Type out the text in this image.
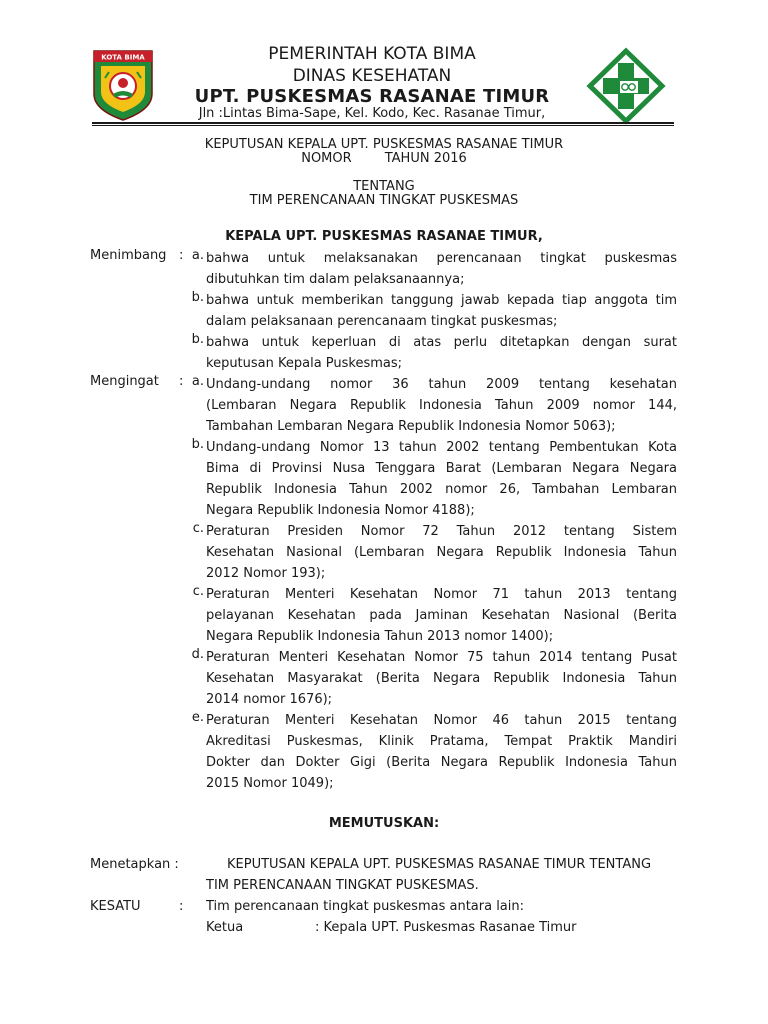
KOTA BIMA	PEMERINTAH KOTA BIMA
DINAS KESEHATAN
UPT. PUSKESMAS RASANAE TIMUR
Jln :Lintas Bima-Sape, Kel. Kodo, Kec. Rasanae Timur,
KEPUTUSAN KEPALA UPT. PUSKESMAS RASANAE TIMUR
NOMOR        TAHUN 2016
TENTANG
TIM PERENCANAAN TINGKAT PUSKESMAS
KEPALA UPT. PUSKESMAS RASANAE TIMUR,
Menimbang : a. bahwa untuk melaksanakan perencanaan tingkat puskesmas
dibutuhkan tim dalam pelaksanaannya;
b. bahwa untuk memberikan tanggung jawab kepada tiap anggota tim
dalam pelaksanaan perencanaam tingkat puskesmas;
b. bahwa untuk keperluan di atas perlu ditetapkan dengan surat
keputusan Kepala Puskesmas;
Mengingat : a. Undang-undang nomor 36 tahun 2009 tentang kesehatan
(Lembaran Negara Republik Indonesia Tahun 2009 nomor 144,
Tambahan Lembaran Negara Republik Indonesia Nomor 5063);
b. Undang-undang Nomor 13 tahun 2002 tentang Pembentukan Kota
Bima di Provinsi Nusa Tenggara Barat (Lembaran Negara Negara
Republik Indonesia Tahun 2002 nomor 26, Tambahan Lembaran
Negara Republik Indonesia Nomor 4188);
c. Peraturan Presiden Nomor 72 Tahun 2012 tentang Sistem
Kesehatan Nasional (Lembaran Negara Republik Indonesia Tahun
2012 Nomor 193);
c. Peraturan Menteri Kesehatan Nomor 71 tahun 2013 tentang
pelayanan Kesehatan pada Jaminan Kesehatan Nasional (Berita
Negara Republik Indonesia Tahun 2013 nomor 1400);
d. Peraturan Menteri Kesehatan Nomor 75 tahun 2014 tentang Pusat
Kesehatan Masyarakat (Berita Negara Republik Indonesia Tahun
2014 nomor 1676);
e. Peraturan Menteri Kesehatan Nomor 46 tahun 2015 tentang
Akreditasi Puskesmas, Klinik Pratama, Tempat Praktik Mandiri
Dokter dan Dokter Gigi (Berita Negara Republik Indonesia Tahun
2015 Nomor 1049);
MEMUTUSKAN:
Menetapkan :	KEPUTUSAN KEPALA UPT. PUSKESMAS RASANAE TIMUR TENTANG
TIM PERENCANAAN TINGKAT PUSKESMAS.
KESATU	: Tim perencanaan tingkat puskesmas antara lain:
Ketua	: Kepala UPT. Puskesmas Rasanae Timur
